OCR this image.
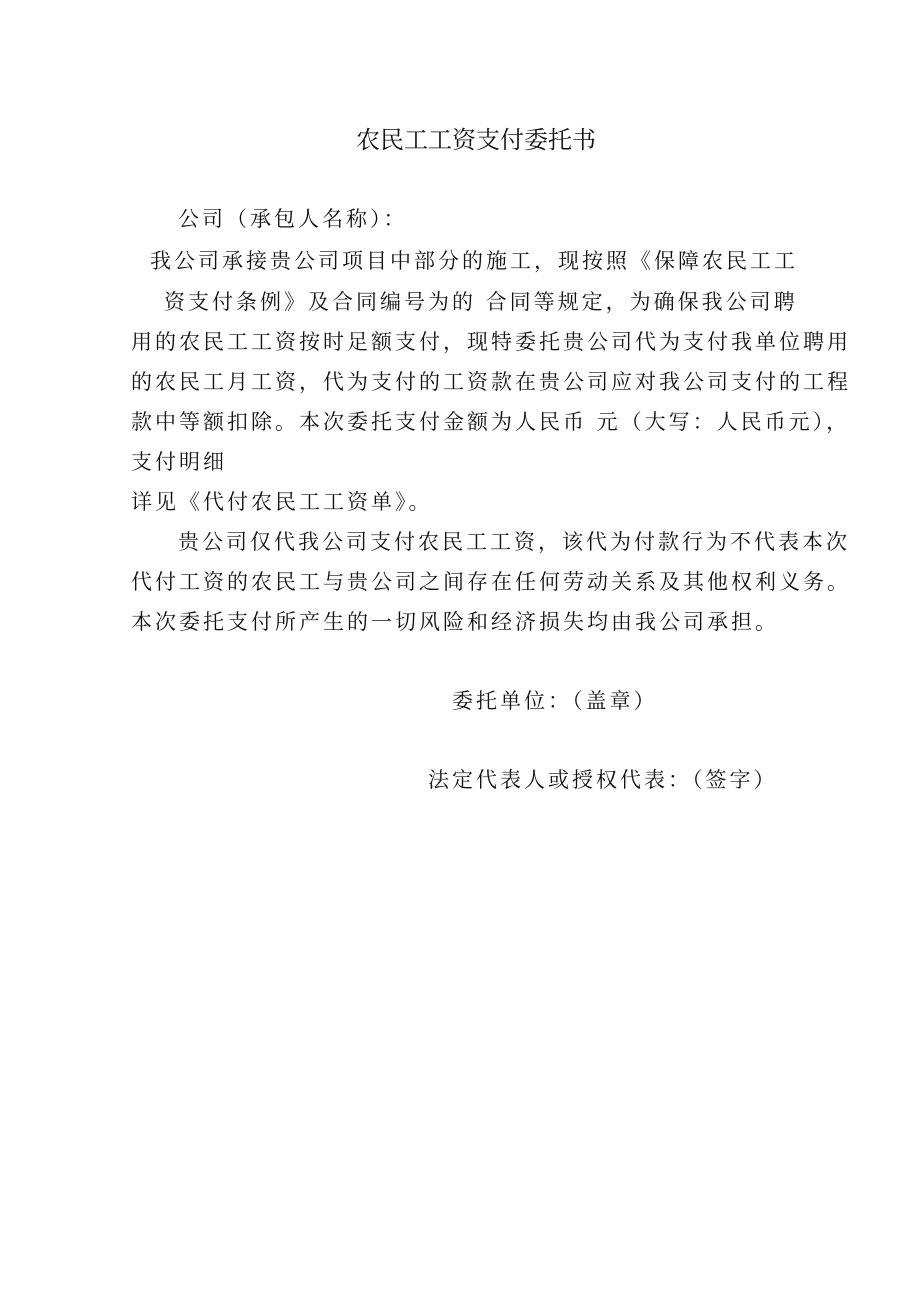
农民工工资支付委托书
公司（承包人名称）：
我公司承接贵公司项目中部分的施工，现按照《保障农民工工
资支付条例》及合同编号为的 合同等规定，为确保我公司聘
用的农民工工资按时足额支付，现特委托贵公司代为支付我单位聘用
的农民工月工资，代为支付的工资款在贵公司应对我公司支付的工程
款中等额扣除。本次委托支付金额为人民币 元（大写：人民币元），
支付明细
详见《代付农民工工资单》。
贵公司仅代我公司支付农民工工资，该代为付款行为不代表本次
代付工资的农民工与贵公司之间存在任何劳动关系及其他权利义务。
本次委托支付所产生的一切风险和经济损失均由我公司承担。
委托单位：（盖章）
法定代表人或授权代表：（签字）
